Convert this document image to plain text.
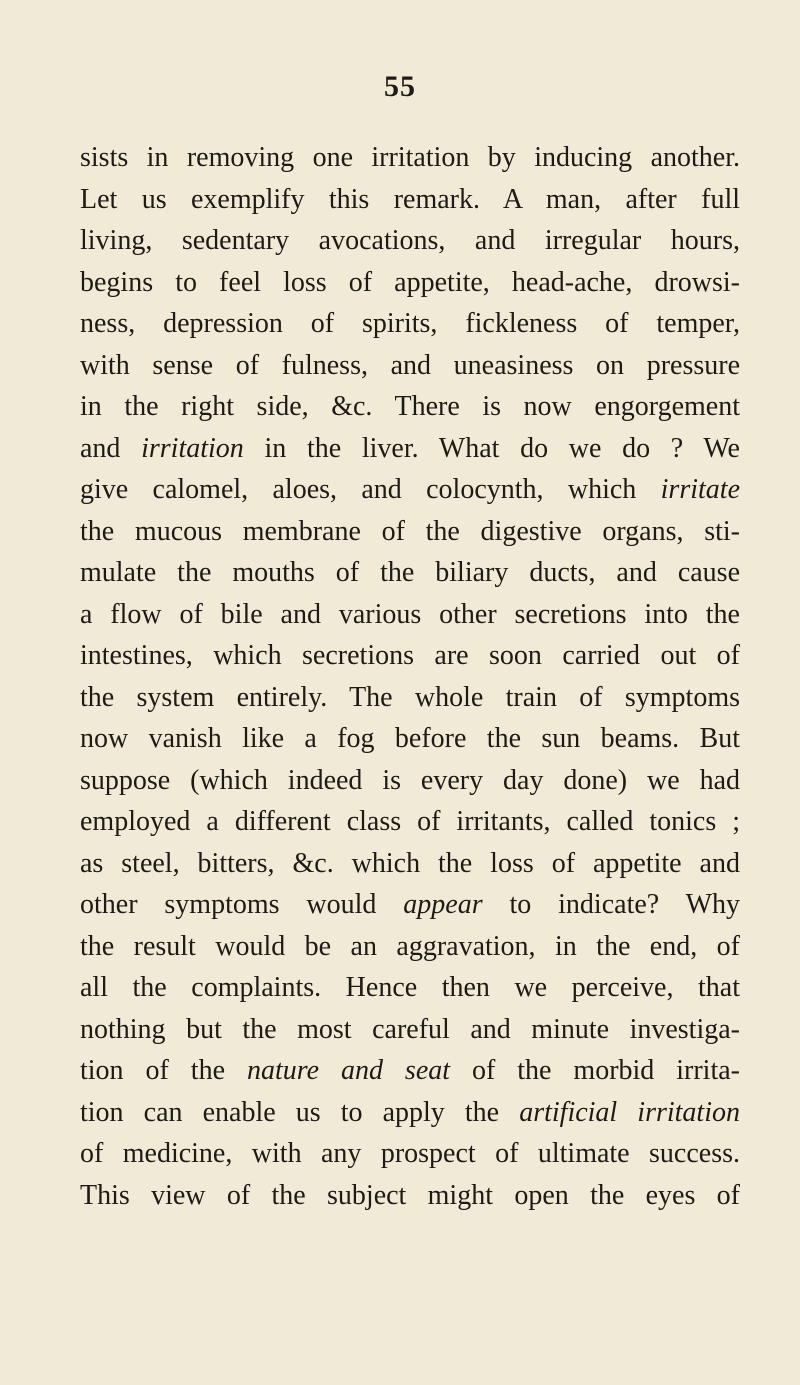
55
sists in removing one irritation by inducing another.
Let us exemplify this remark. A man, after full
living, sedentary avocations, and irregular hours,
begins to feel loss of appetite, head-ache, drowsi-
ness, depression of spirits, fickleness of temper,
with sense of fulness, and uneasiness on pressure
in the right side, &c. There is now engorgement
and irritation in the liver. What do we do ? We
give calomel, aloes, and colocynth, which irritate
the mucous membrane of the digestive organs, sti-
mulate the mouths of the biliary ducts, and cause
a flow of bile and various other secretions into the
intestines, which secretions are soon carried out of
the system entirely. The whole train of symptoms
now vanish like a fog before the sun beams. But
suppose (which indeed is every day done) we had
employed a different class of irritants, called tonics ;
as steel, bitters, &c. which the loss of appetite and
other symptoms would appear to indicate? Why
the result would be an aggravation, in the end, of
all the complaints. Hence then we perceive, that
nothing but the most careful and minute investiga-
tion of the nature and seat of the morbid irrita-
tion can enable us to apply the artificial irritation
of medicine, with any prospect of ultimate success.
This view of the subject might open the eyes of
